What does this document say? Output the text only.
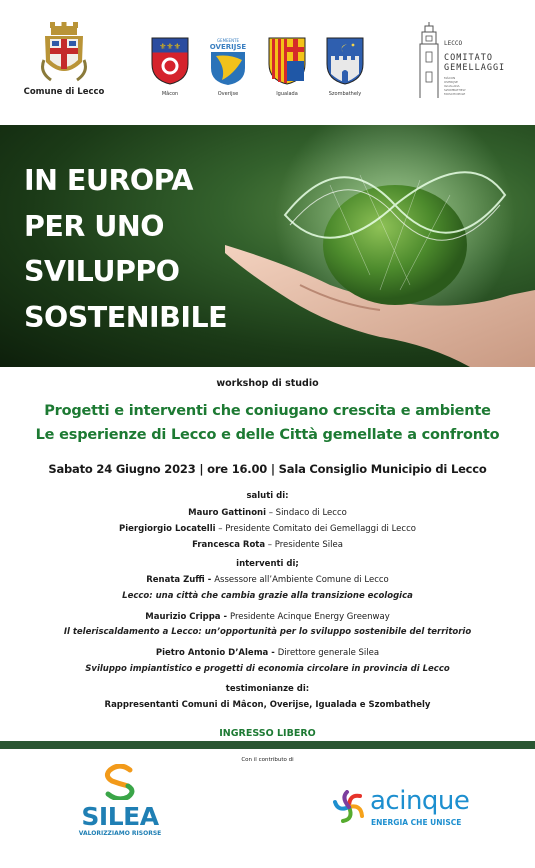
Comune di Lecco
⚜⚜⚜
Mâcon
GEMEENTE
OVERIJSE
Overijse	Igualada	Szombathely
LECCO
COMITATO
GEMELLAGGI
MÂCON
OVERIJSE
IGUALADA
SZOMBATHELY
MOSCHOPOLE
IN EUROPA
PER UNO
SVILUPPO
SOSTENIBILE
workshop di studio
Progetti e interventi che coniugano crescita e ambiente
Le esperienze di Lecco e delle Città gemellate a confronto
Sabato 24 Giugno 2023 | ore 16.00 | Sala Consiglio Municipio di Lecco
saluti di:
Mauro Gattinoni – Sindaco di Lecco
Piergiorgio Locatelli – Presidente Comitato dei Gemellaggi di Lecco
Francesca Rota – Presidente Silea
interventi di;
Renata Zuffi - Assessore all’Ambiente Comune di Lecco
Lecco: una città che cambia grazie alla transizione ecologica
Maurizio Crippa - Presidente Acinque Energy Greenway
Il teleriscaldamento a Lecco: un’opportunità per lo sviluppo sostenibile del territorio
Pietro Antonio D’Alema - Direttore generale Silea
Sviluppo impiantistico e progetti di economia circolare in provincia di Lecco
testimonianze di:
Rappresentanti Comuni di Mâcon, Overijse, Igualada e Szombathely
INGRESSO LIBERO
Con il contributo di
SILEA
VALORIZZIAMO RISORSE
acinque
ENERGIA CHE UNISCE
